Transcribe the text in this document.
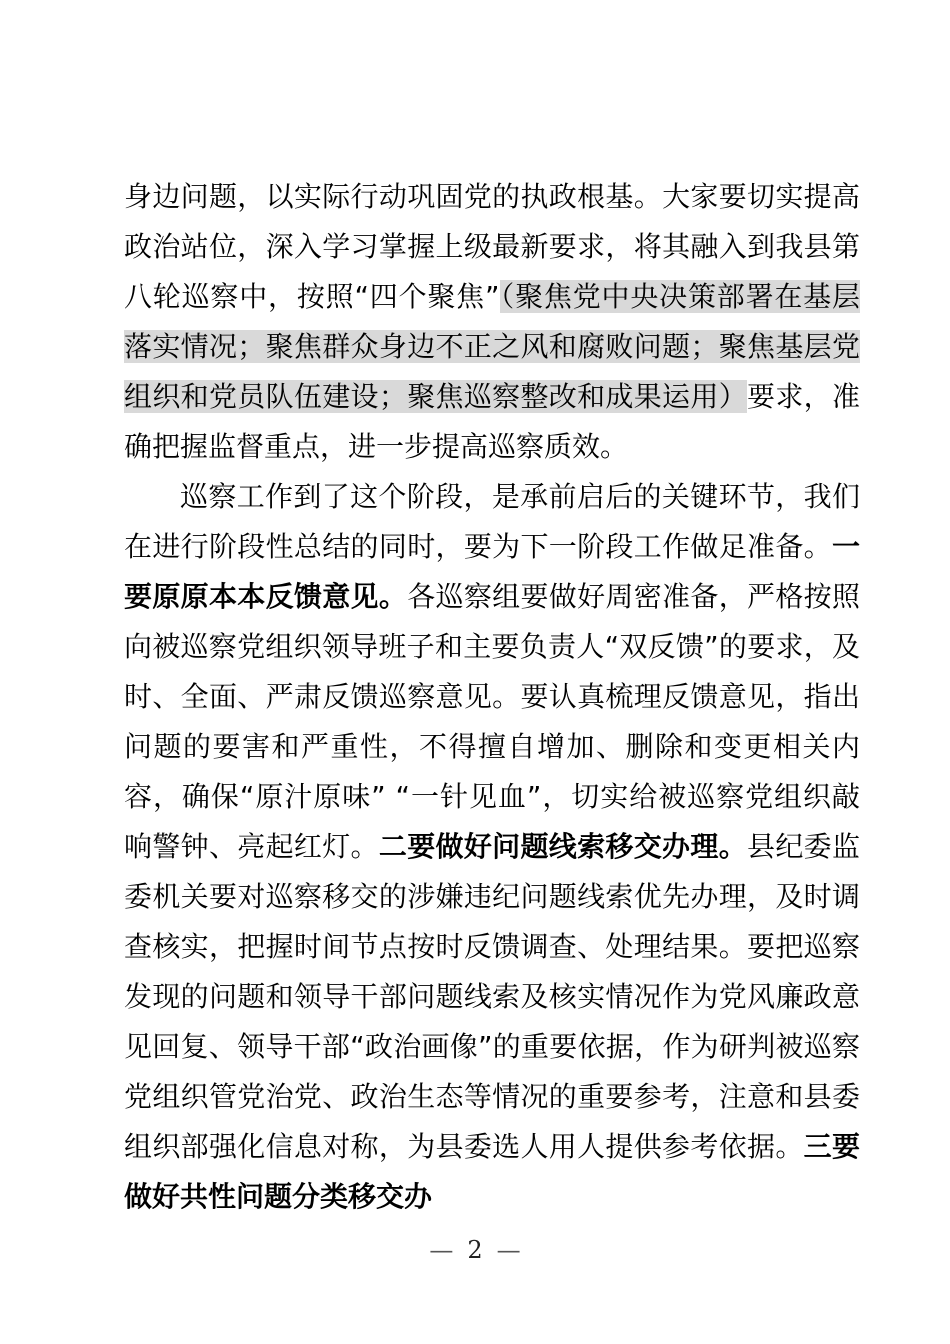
身边问题，以实际行动巩固党的执政根基。大家要切实提高政治站位，深入学习掌握上级最新要求，将其融入到我县第八轮巡察中，按照“四个聚焦”（聚焦党中央决策部署在基层落实情况；聚焦群众身边不正之风和腐败问题；聚焦基层党组织和党员队伍建设；聚焦巡察整改和成果运用）要求，准确把握监督重点，进一步提高巡察质效。

巡察工作到了这个阶段，是承前启后的关键环节，我们在进行阶段性总结的同时，要为下一阶段工作做足准备。一要原原本本反馈意见。各巡察组要做好周密准备，严格按照向被巡察党组织领导班子和主要负责人“双反馈”的要求，及时、全面、严肃反馈巡察意见。要认真梳理反馈意见，指出问题的要害和严重性，不得擅自增加、删除和变更相关内容，确保“原汁原味” “一针见血”，切实给被巡察党组织敲响警钟、亮起红灯。二要做好问题线索移交办理。县纪委监委机关要对巡察移交的涉嫌违纪问题线索优先办理，及时调查核实，把握时间节点按时反馈调查、处理结果。要把巡察发现的问题和领导干部问题线索及核实情况作为党风廉政意见回复、领导干部“政治画像”的重要依据，作为研判被巡察党组织管党治党、政治生态等情况的重要参考，注意和县委组织部强化信息对称，为县委选人用人提供参考依据。三要做好共性问题分类移交办

— 2 —
